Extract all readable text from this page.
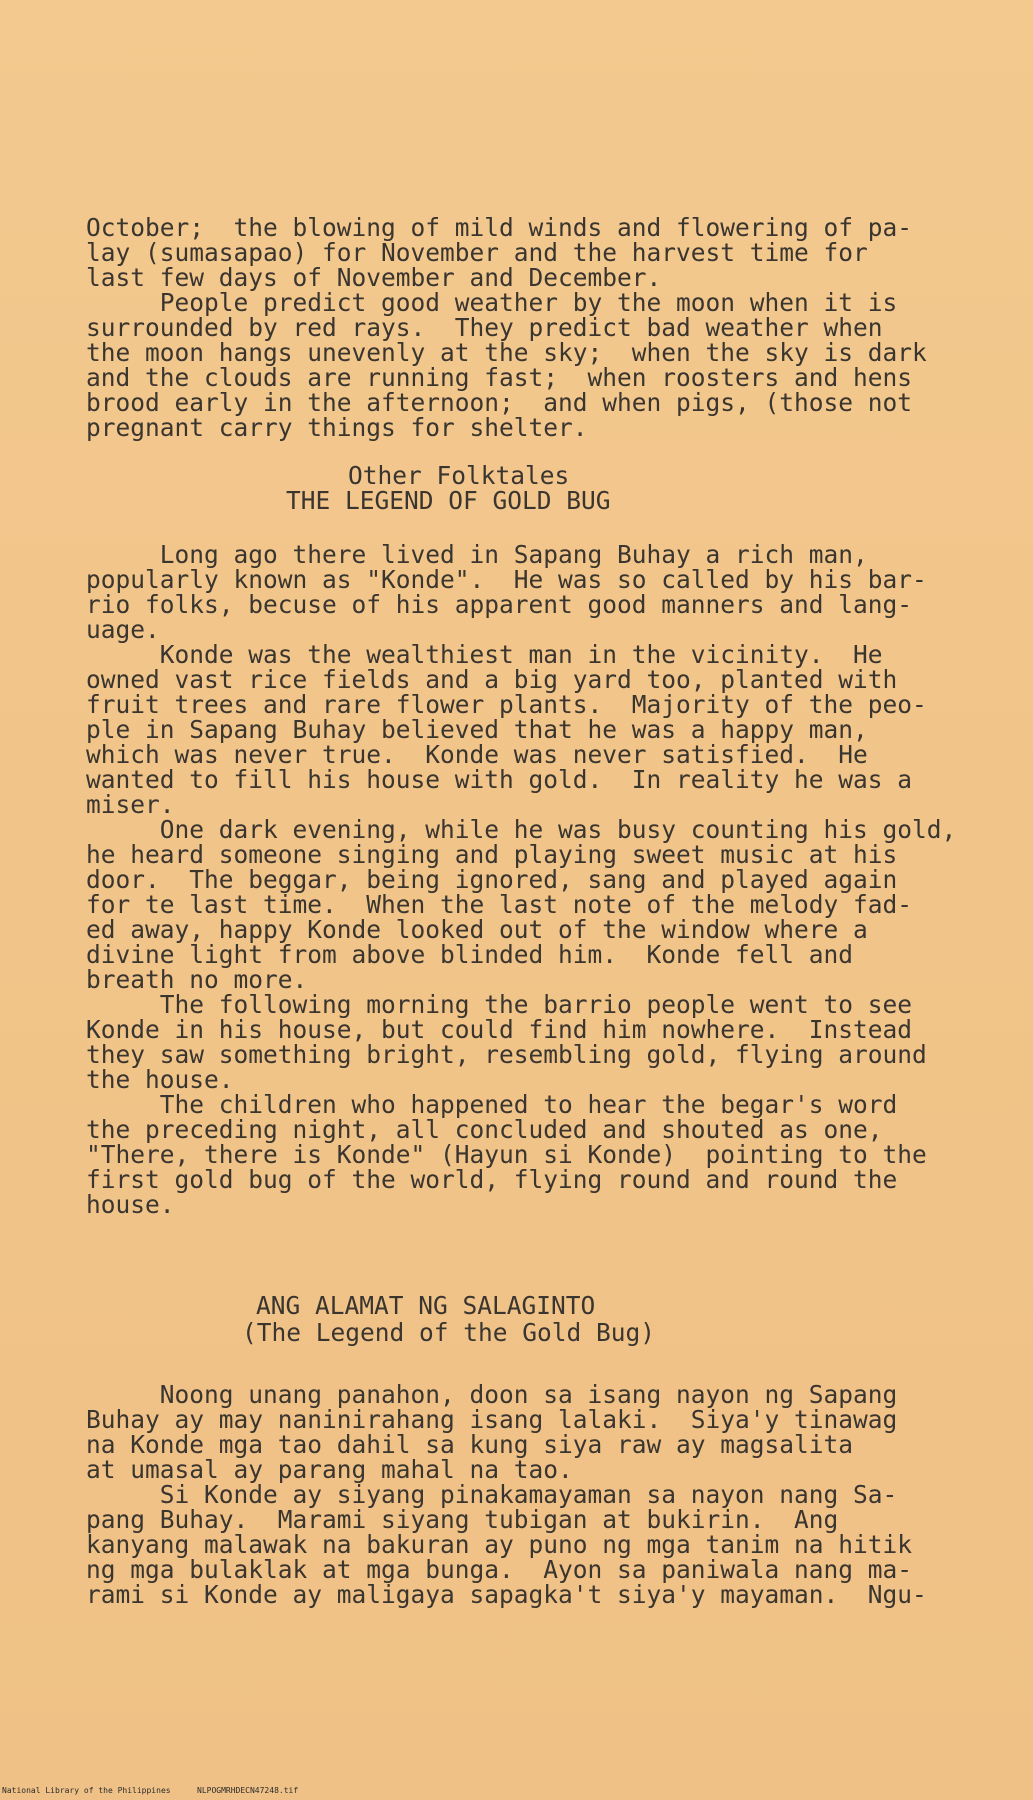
October;  the blowing of mild winds and flowering of pa-
lay (sumasapao) for November and the harvest time for
last few days of November and December.
People predict good weather by the moon when it is
surrounded by red rays.  They predict bad weather when
the moon hangs unevenly at the sky;  when the sky is dark
and the clouds are running fast;  when roosters and hens
brood early in the afternoon;  and when pigs, (those not
pregnant carry things for shelter.
Other Folktales
THE LEGEND OF GOLD BUG
Long ago there lived in Sapang Buhay a rich man,
popularly known as "Konde".  He was so called by his bar-
rio folks, becuse of his apparent good manners and lang-
uage.
Konde was the wealthiest man in the vicinity.  He
owned vast rice fields and a big yard too, planted with
fruit trees and rare flower plants.  Majority of the peo-
ple in Sapang Buhay believed that he was a happy man,
which was never true.  Konde was never satisfied.  He
wanted to fill his house with gold.  In reality he was a
miser.
One dark evening, while he was busy counting his gold,
he heard someone singing and playing sweet music at his
door.  The beggar, being ignored, sang and played again
for te last time.  When the last note of the melody fad-
ed away, happy Konde looked out of the window where a
divine light from above blinded him.  Konde fell and
breath no more.
The following morning the barrio people went to see
Konde in his house, but could find him nowhere.  Instead
they saw something bright, resembling gold, flying around
the house.
The children who happened to hear the begar's word
the preceding night, all concluded and shouted as one,
"There, there is Konde" (Hayun si Konde)  pointing to the
first gold bug of the world, flying round and round the
house.
ANG ALAMAT NG SALAGINTO
(The Legend of the Gold Bug)
Noong unang panahon, doon sa isang nayon ng Sapang
Buhay ay may naninirahang isang lalaki.  Siya'y tinawag
na Konde mga tao dahil sa kung siya raw ay magsalita
at umasal ay parang mahal na tao.
Si Konde ay siyang pinakamayaman sa nayon nang Sa-
pang Buhay.  Marami siyang tubigan at bukirin.  Ang
kanyang malawak na bakuran ay puno ng mga tanim na hitik
ng mga bulaklak at mga bunga.  Ayon sa paniwala nang ma-
rami si Konde ay maligaya sapagka't siya'y mayaman.  Ngu-
National Library of the Philippines	NLPOGMRHDECN47248.tif
